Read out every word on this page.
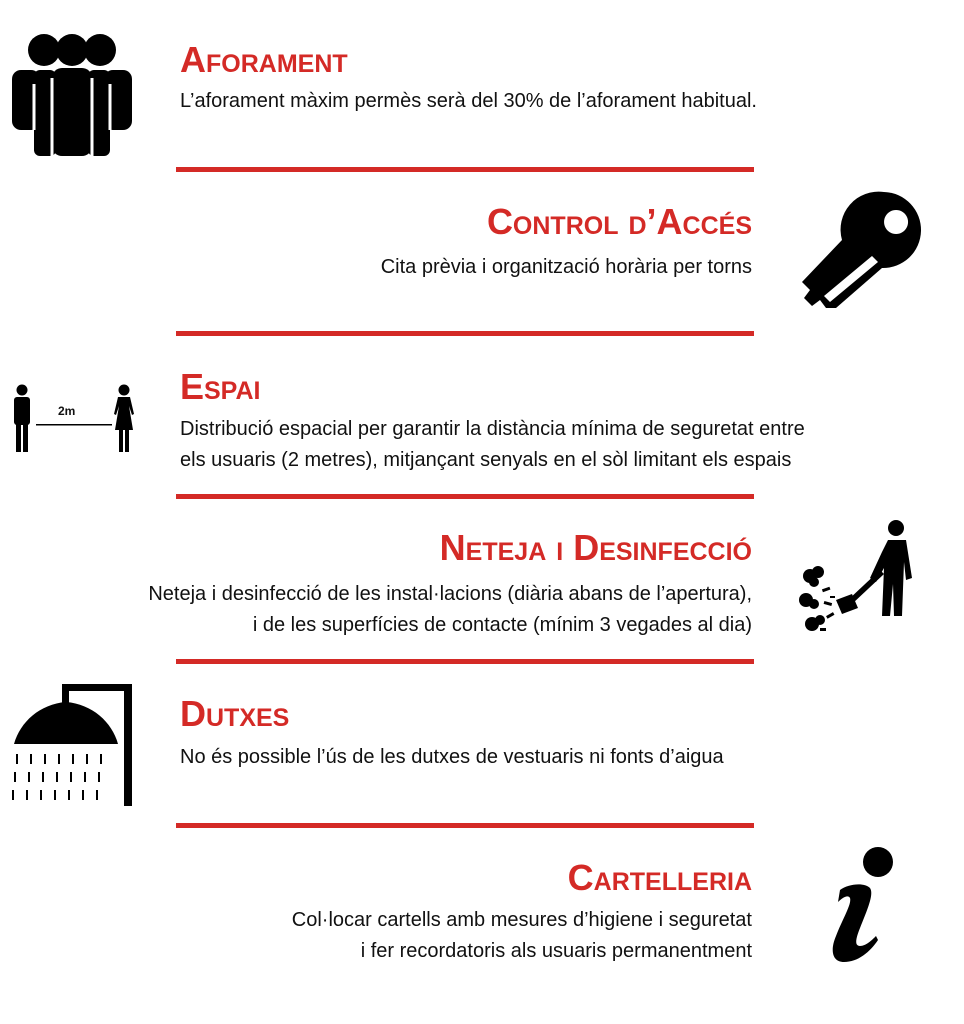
Aforament

L’aforament màxim permès serà del 30% de l’aforament habitual.

Control d’Accés

Cita prèvia i organització horària per torns

2m
Espai

Distribució espacial per garantir la distància mínima de seguretat entre

els usuaris (2 metres), mitjançant senyals en el sòl limitant els espais

Neteja i Desinfecció

Neteja i desinfecció de les instal·lacions (diària abans de l’apertura),

i de les superfícies de contacte (mínim 3 vegades al dia)

Dutxes

No és possible l’ús de les dutxes de vestuaris ni fonts d’aigua

Cartelleria

Col·locar cartells amb mesures d’higiene i seguretat

i fer recordatoris als usuaris permanentment
